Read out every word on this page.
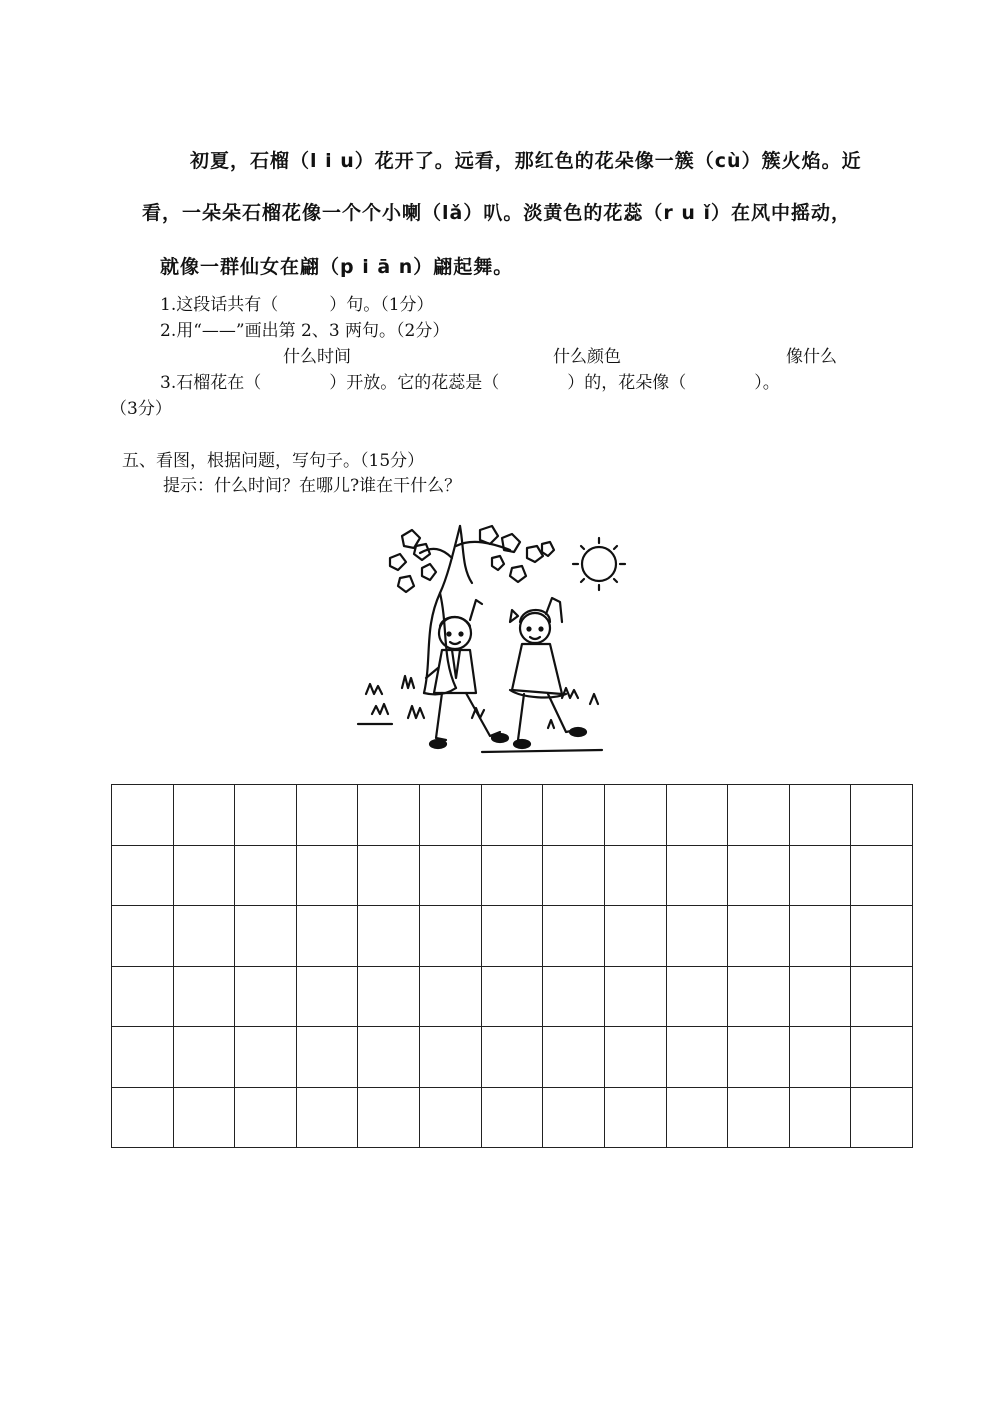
初夏，石榴（l i u）花开了。远看，那红色的花朵像一簇（cù）簇火焰。近
看，一朵朵石榴花像一个个小喇（lǎ）叭。淡黄色的花蕊（r u ǐ）在风中摇动，
就像一群仙女在翩（p i ā n）翩起舞。
1.这段话共有（　　　）句。（1分）
2.用“——”画出第 2、3 两句。（2分）
什么时间	什么颜色	像什么
3.石榴花在（　　　　）开放。它的花蕊是（　　　　）的，花朵像（　　　　）。
（3分）
五、看图，根据问题，写句子。（15分）
提示：什么时间？在哪儿?谁在干什么？
